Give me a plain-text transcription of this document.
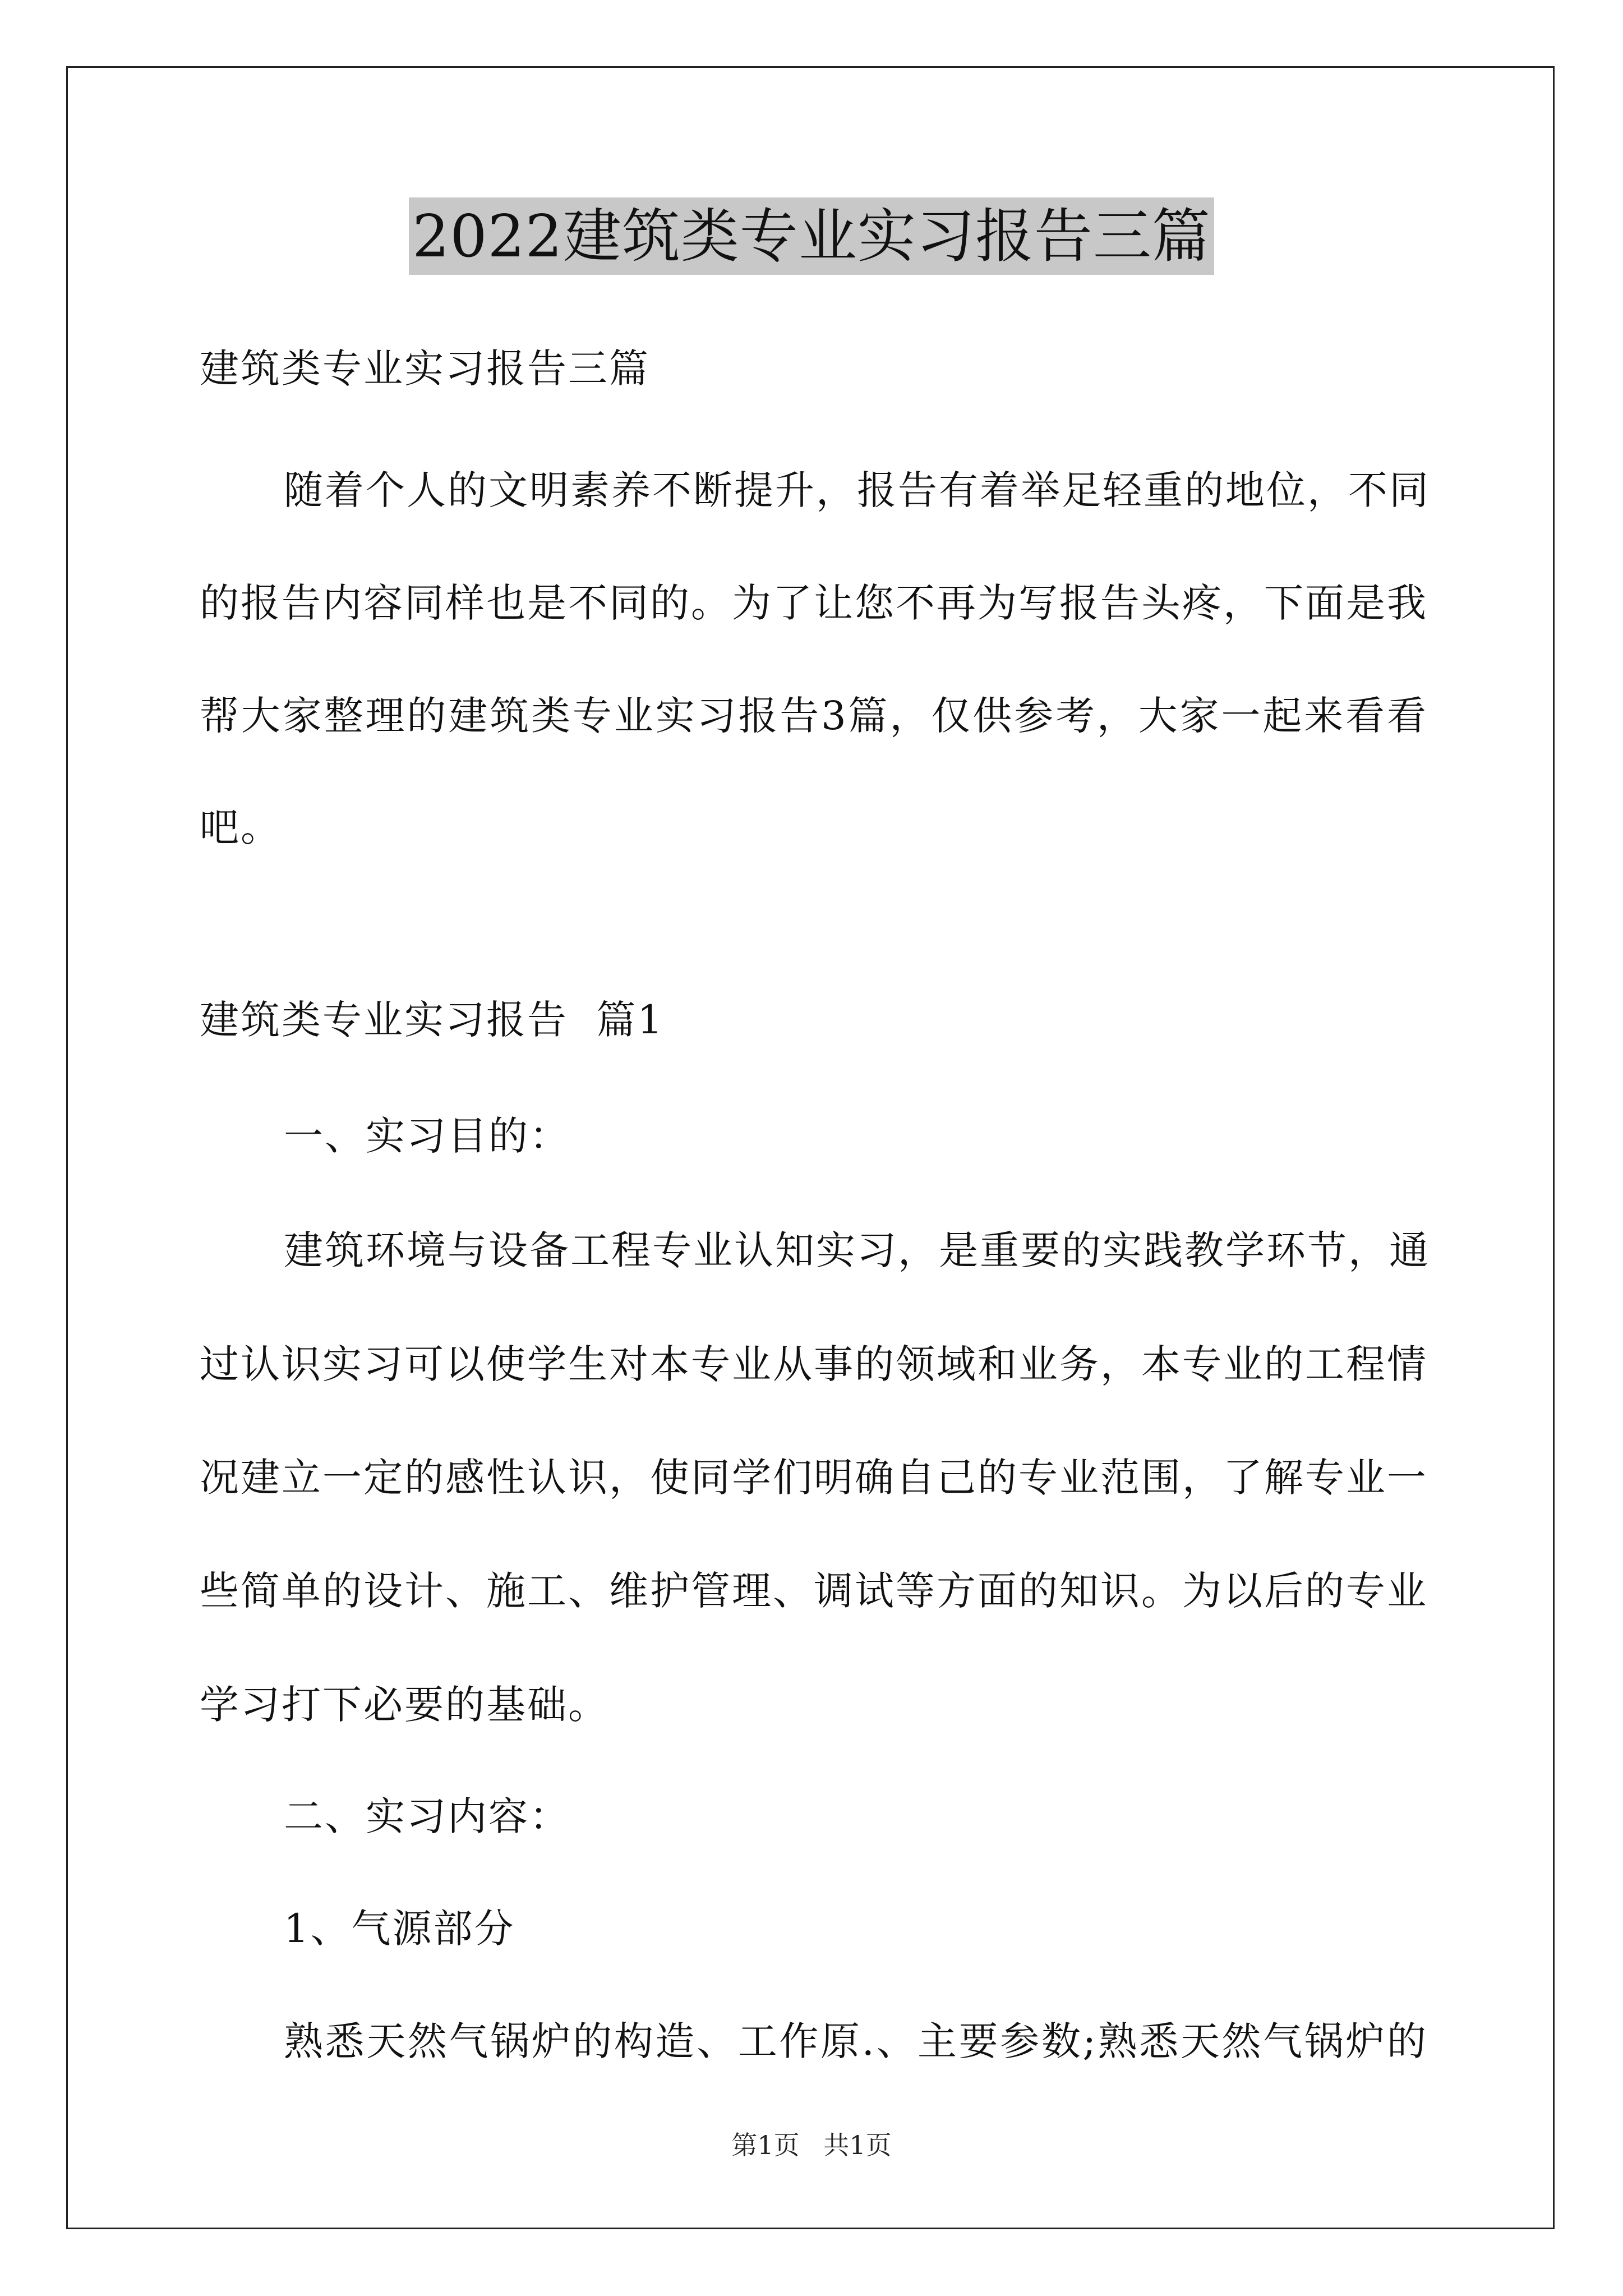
2022建筑类专业实习报告三篇
建筑类专业实习报告三篇
随着个人的文明素养不断提升，报告有着举足轻重的地位，不同
的报告内容同样也是不同的。为了让您不再为写报告头疼，下面是我
帮大家整理的建筑类专业实习报告3篇，仅供参考，大家一起来看看
吧。
建筑类专业实习报告  篇1
一、实习目的：
建筑环境与设备工程专业认知实习，是重要的实践教学环节，通
过认识实习可以使学生对本专业从事的领域和业务，本专业的工程情
况建立一定的感性认识，使同学们明确自己的专业范围，了解专业一
些简单的设计、施工、维护管理、调试等方面的知识。为以后的专业
学习打下必要的基础。
二、实习内容：
1、气源部分
熟悉天然气锅炉的构造、工作原.、主要参数;熟悉天然气锅炉的
第1页 共1页
